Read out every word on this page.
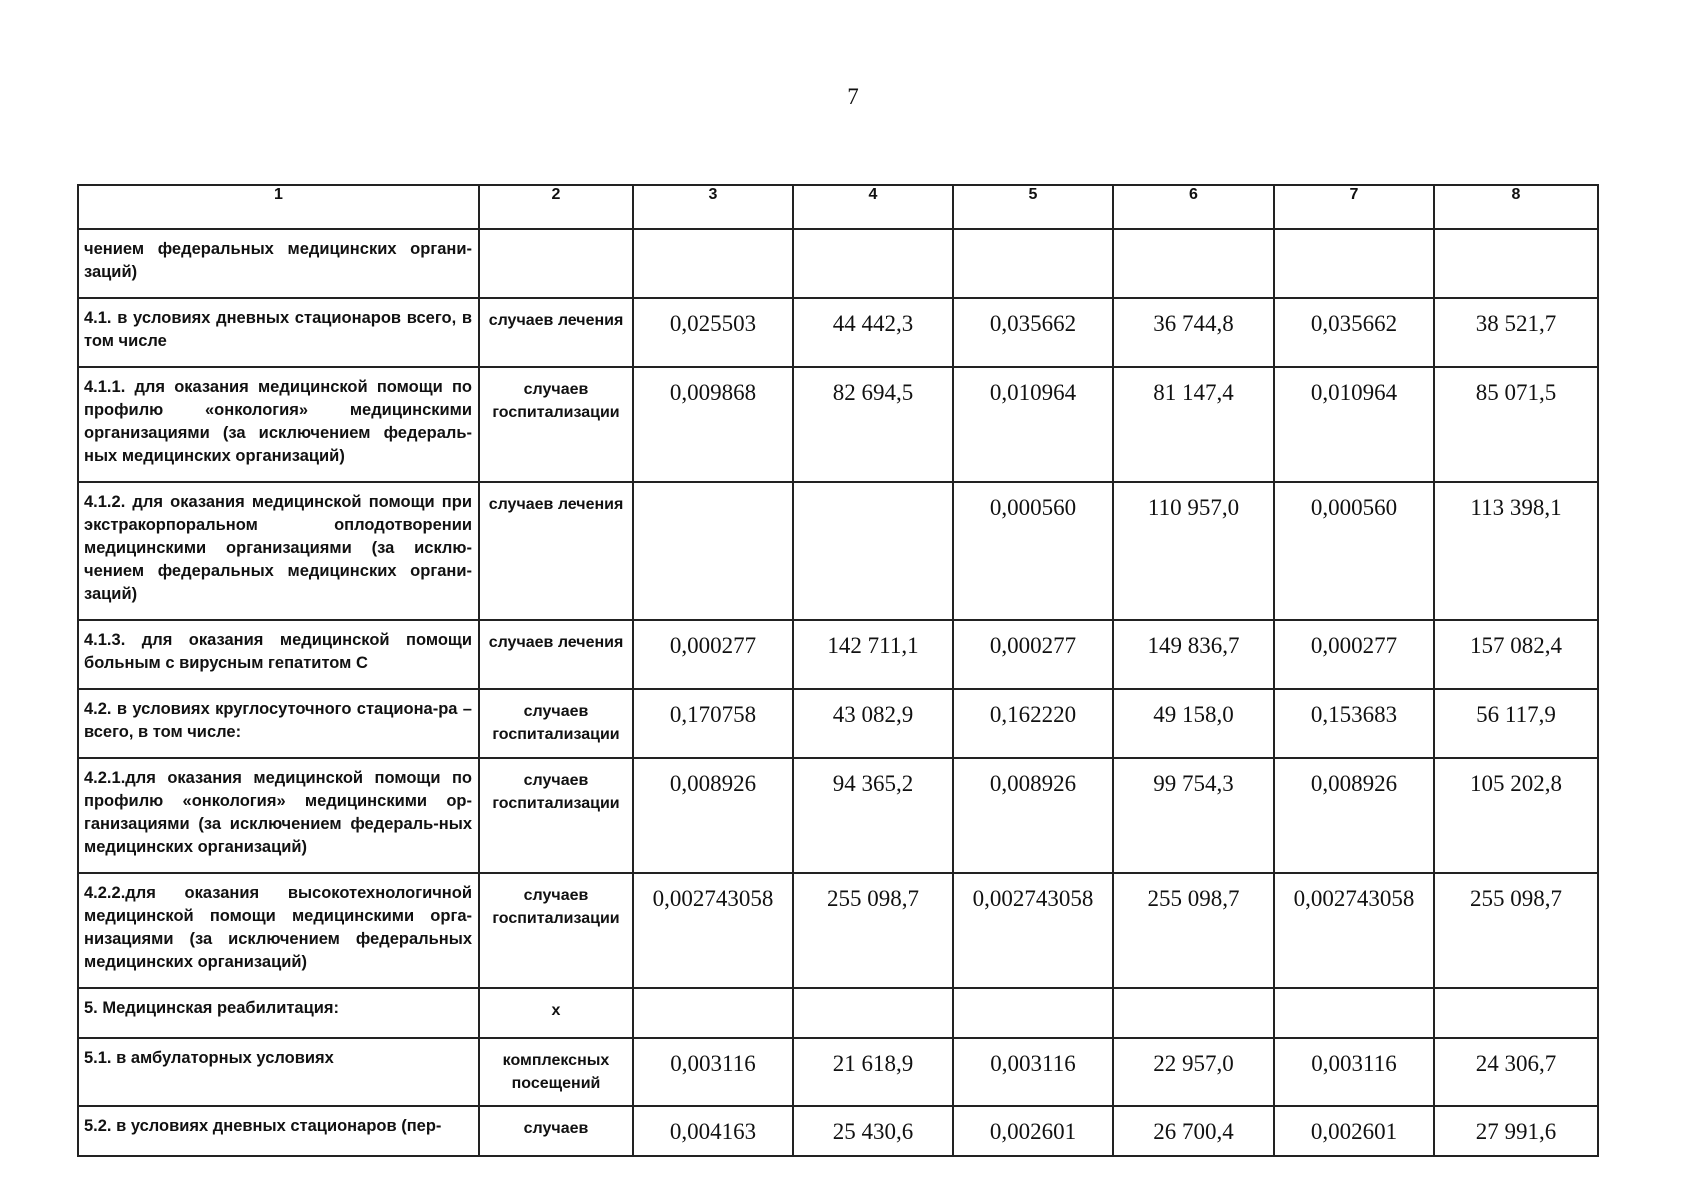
7
1	2	3	4	5	6	7	8
чением федеральных медицинских органи-заций)							
4.1. в условиях дневных стационаров всего, в том числе	случаев лечения	0,025503	44 442,3	0,035662	36 744,8	0,035662	38 521,7
4.1.1. для оказания медицинской помощи по профилю «онкология» медицинскими организациями (за исключением федераль-ных медицинских организаций)	случаев госпитализации	0,009868	82 694,5	0,010964	81 147,4	0,010964	85 071,5
4.1.2. для оказания медицинской помощи при экстракорпоральном оплодотворении медицинскими организациями (за исклю-чением федеральных медицинских органи-заций)	случаев лечения			0,000560	110 957,0	0,000560	113 398,1
4.1.3. для оказания медицинской помощи больным с вирусным гепатитом С	случаев лечения	0,000277	142 711,1	0,000277	149 836,7	0,000277	157 082,4
4.2. в условиях круглосуточного стациона-ра – всего, в том числе:	случаев госпитализации	0,170758	43 082,9	0,162220	49 158,0	0,153683	56 117,9
4.2.1.для оказания медицинской помощи по профилю «онкология» медицинскими ор-ганизациями (за исключением федераль-ных медицинских организаций)	случаев госпитализации	0,008926	94 365,2	0,008926	99 754,3	0,008926	105 202,8
4.2.2.для оказания высокотехнологичной медицинской помощи медицинскими орга-низациями (за исключением федеральных медицинских организаций)	случаев госпитализации	0,002743058	255 098,7	0,002743058	255 098,7	0,002743058	255 098,7
5. Медицинская реабилитация:	x						
5.1. в амбулаторных условиях	комплексных посещений	0,003116	21 618,9	0,003116	22 957,0	0,003116	24 306,7
5.2. в условиях дневных стационаров (пер-	случаев	0,004163	25 430,6	0,002601	26 700,4	0,002601	27 991,6
